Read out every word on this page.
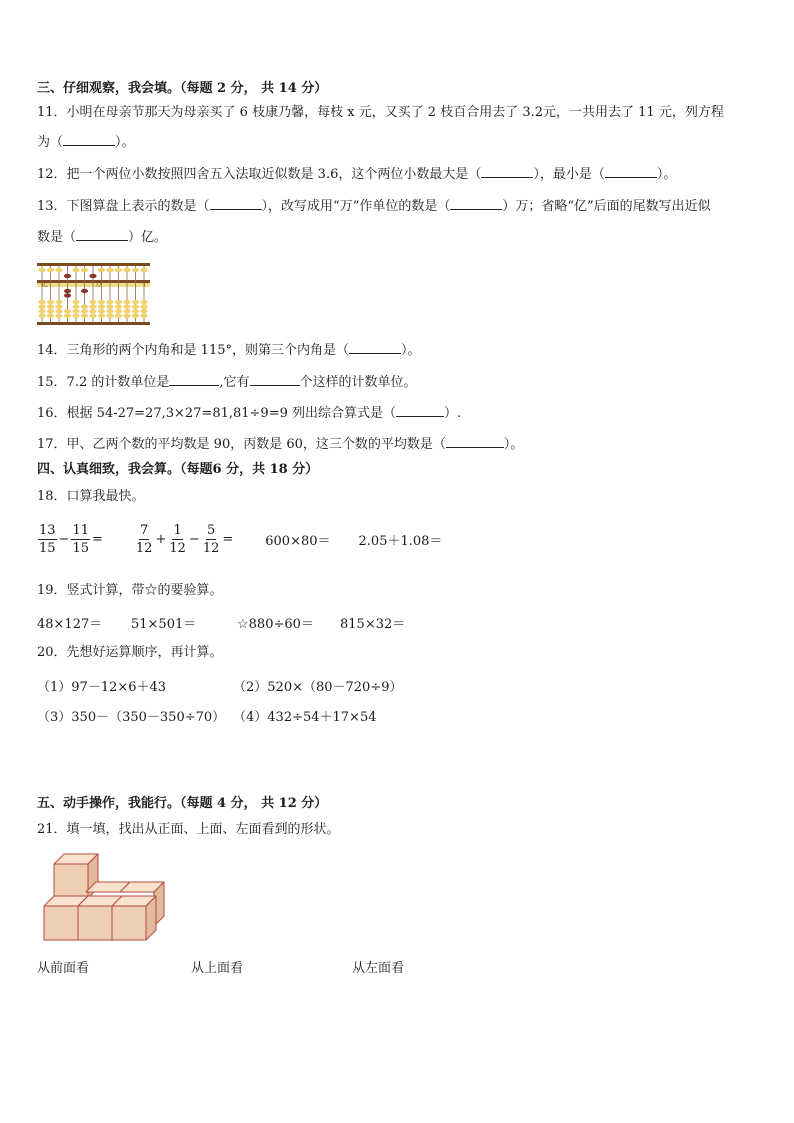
三、仔细观察，我会填。（每题 2 分， 共 14 分）
11．小明在母亲节那天为母亲买了 6 枝康乃馨，每枝 x 元，又买了 2 枝百合用去了 3.2元，一共用去了 11 元，列方程
为（	）。
12．把一个两位小数按照四舍五入法取近似数是 3.6，这个两位小数最大是（	），最小是（	）。
13．下图算盘上表示的数是（	），改写成用“万”作单位的数是（	）万；省略“亿”后面的尾数写出近似
数是（	）亿。
亿	万	个
14．三角形的两个内角和是 115°，则第三个内角是（	）。
15．7.2 的计数单位是	,它有	个这样的计数单位。
16．根据 54-27=27,3×27=81,81÷9=9 列出综合算式是（	）.
17．甲、乙两个数的平均数是 90，丙数是 60，这三个数的平均数是（	）。
四、认真细致，我会算。（每题6 分，共 18 分）
18．口算我最快。
$\frac{13}{15} - \frac{11}{15} = \frac{7}{12} + \frac{1}{12} - \frac{5}{12} = 600\times 80= 2.05+1.08=$
19．竖式计算，带☆的要验算。
48×127＝ 51×501＝	☆880÷60＝ 815×32＝
20．先想好运算顺序，再计算。
（1）97－12×6＋43	（2）520×（80－720÷9）
（3）350－（350－350÷70） （4）432÷54＋17×54
五、动手操作，我能行。（每题 4 分， 共 12 分）
21．填一填，找出从正面、上面、左面看到的形状。
从前面看	从上面看	从左面看
